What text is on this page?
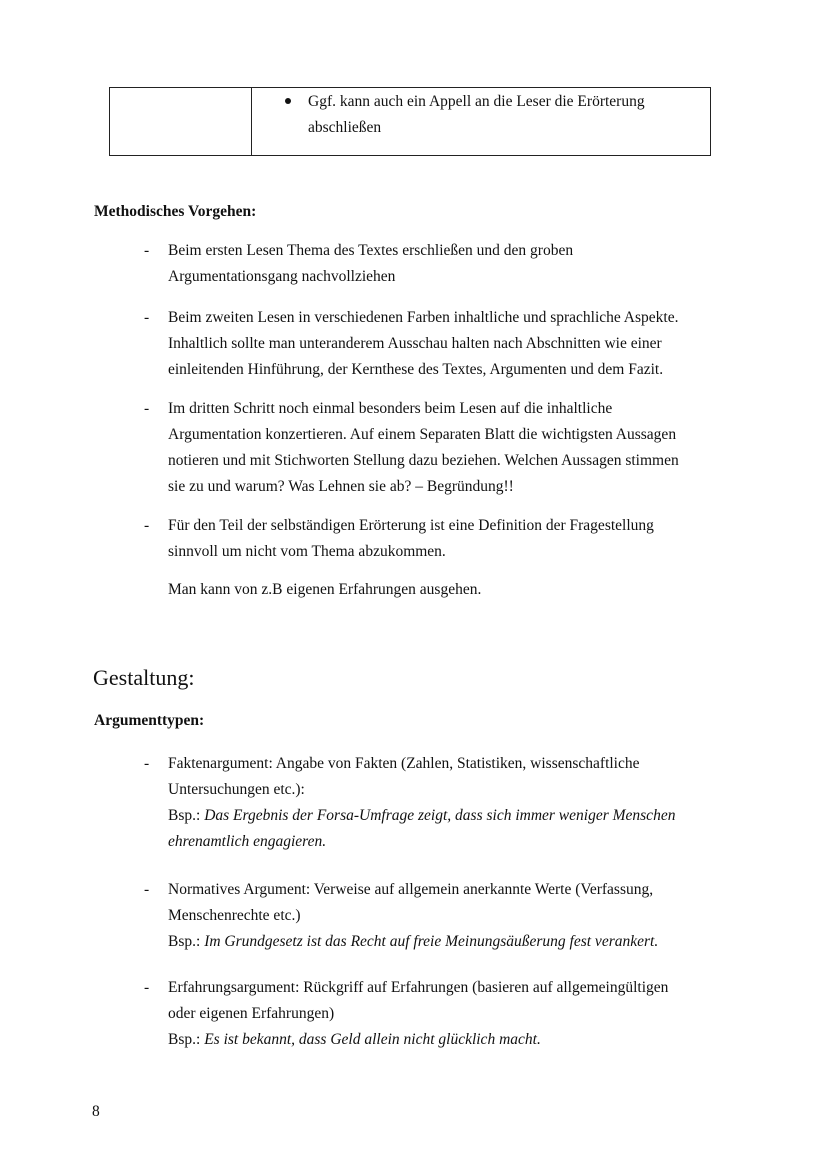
Ggf. kann auch ein Appell an die Leser die Erörterung
abschließen
Methodisches Vorgehen:
- Beim ersten Lesen Thema des Textes erschließen und den groben
Argumentationsgang nachvollziehen
- Beim zweiten Lesen in verschiedenen Farben inhaltliche und sprachliche Aspekte.
Inhaltlich sollte man unteranderem Ausschau halten nach Abschnitten wie einer
einleitenden Hinführung, der Kernthese des Textes, Argumenten und dem Fazit.
- Im dritten Schritt noch einmal besonders beim Lesen auf die inhaltliche
Argumentation konzertieren. Auf einem Separaten Blatt die wichtigsten Aussagen
notieren und mit Stichworten Stellung dazu beziehen. Welchen Aussagen stimmen
sie zu und warum? Was Lehnen sie ab? – Begründung!!
- Für den Teil der selbständigen Erörterung ist eine Definition der Fragestellung
sinnvoll um nicht vom Thema abzukommen.
Man kann von z.B eigenen Erfahrungen ausgehen.
Gestaltung:
Argumenttypen:
- Faktenargument: Angabe von Fakten (Zahlen, Statistiken, wissenschaftliche
Untersuchungen etc.):
Bsp.: Das Ergebnis der Forsa-Umfrage zeigt, dass sich immer weniger Menschen
ehrenamtlich engagieren.
- Normatives Argument: Verweise auf allgemein anerkannte Werte (Verfassung,
Menschenrechte etc.)
Bsp.: Im Grundgesetz ist das Recht auf freie Meinungsäußerung fest verankert.
- Erfahrungsargument: Rückgriff auf Erfahrungen (basieren auf allgemeingültigen
oder eigenen Erfahrungen)
Bsp.: Es ist bekannt, dass Geld allein nicht glücklich macht.
8
